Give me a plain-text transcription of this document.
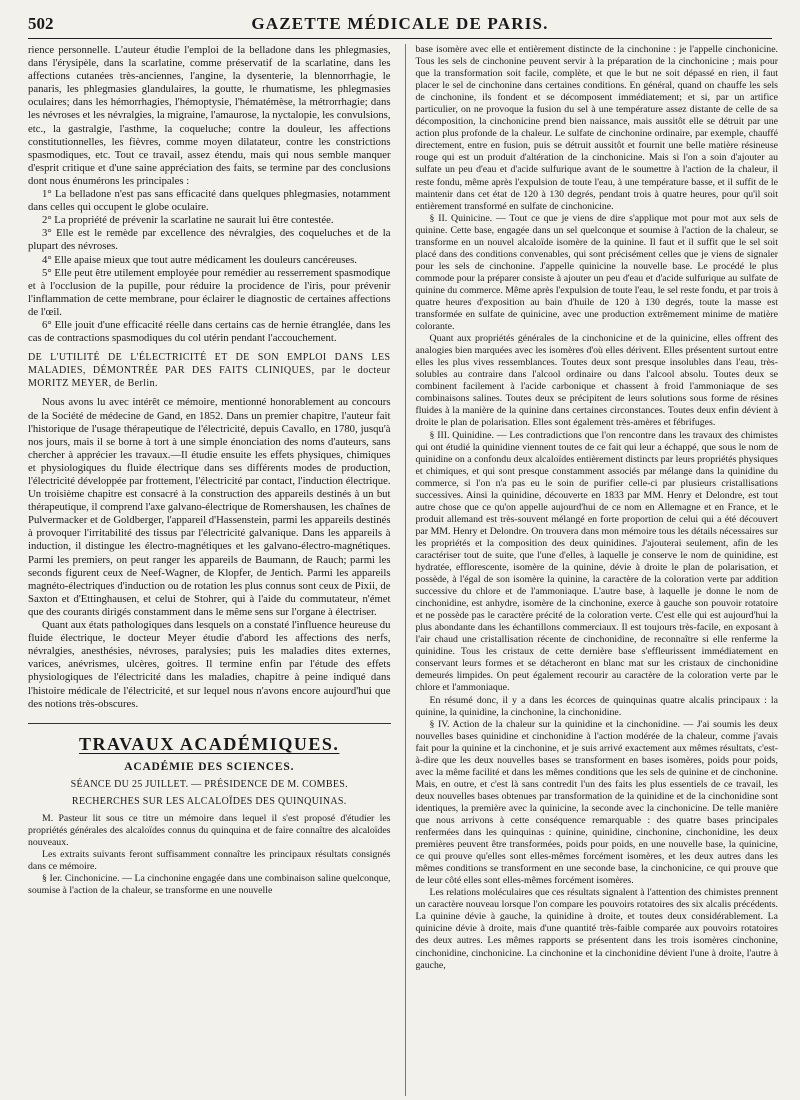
502	GAZETTE MÉDICALE DE PARIS.

rience personnelle. L'auteur étudie l'emploi de la belladone dans les phlegmasies, dans l'érysipèle, dans la scarlatine, comme préservatif de la scarlatine, dans les affections cutanées très-anciennes, l'angine, la dysenterie, la blennorrhagie, le panaris, les phlegmasies glandulaires, la goutte, le rhumatisme, les phlegmasies oculaires; dans les hémorrhagies, l'hémoptysie, l'hématémèse, la métrorrhagie; dans les névroses et les névralgies, la migraine, l'amaurose, la nyctalopie, les convulsions, etc., la gastralgie, l'asthme, la coqueluche; contre la douleur, les affections constitutionnelles, les fièvres, comme moyen dilatateur, contre les constrictions spasmodiques, etc. Tout ce travail, assez étendu, mais qui nous semble manquer d'esprit critique et d'une saine appréciation des faits, se termine par des conclusions dont nous énumérons les principales :

1° La belladone n'est pas sans efficacité dans quelques phlegmasies, notamment dans celles qui occupent le globe oculaire.

2° La propriété de prévenir la scarlatine ne saurait lui être contestée.

3° Elle est le remède par excellence des névralgies, des coqueluches et de la plupart des névroses.

4° Elle apaise mieux que tout autre médicament les douleurs cancéreuses.

5° Elle peut être utilement employée pour remédier au resserrement spasmodique et à l'occlusion de la pupille, pour réduire la procidence de l'iris, pour prévenir l'inflammation de cette membrane, pour éclairer le diagnostic de certaines affections de l'œil.

6° Elle jouit d'une efficacité réelle dans certains cas de hernie étranglée, dans les cas de contractions spasmodiques du col utérin pendant l'accouchement.

DE L'UTILITÉ DE L'ÉLECTRICITÉ ET DE SON EMPLOI DANS LES MALADIES, DÉMONTRÉE PAR DES FAITS CLINIQUES, par le docteur MORITZ MEYER, de Berlin.

Nous avons lu avec intérêt ce mémoire, mentionné honorablement au concours de la Société de médecine de Gand, en 1852. Dans un premier chapitre, l'auteur fait l'historique de l'usage thérapeutique de l'électricité, depuis Cavallo, en 1780, jusqu'à nos jours, mais il se borne à tort à une simple énonciation des noms d'auteurs, sans chercher à apprécier les travaux.—Il étudie ensuite les effets physiques, chimiques et physiologiques du fluide électrique dans ses différents modes de production, l'électricité développée par frottement, l'électricité par contact, l'induction électrique. Un troisième chapitre est consacré à la construction des appareils destinés à un but thérapeutique, il comprend l'axe galvano-électrique de Romershausen, les chaînes de Pulvermacker et de Goldberger, l'appareil d'Hassenstein, parmi les appareils destinés à provoquer l'irritabilité des tissus par l'électricité galvanique. Dans les appareils à induction, il distingue les électro-magnétiques et les galvano-électro-magnétiques. Parmi les premiers, on peut ranger les appareils de Baumann, de Rauch; parmi les seconds figurent ceux de Neef-Wagner, de Klopfer, de Jentich. Parmi les appareils magnéto-électriques d'induction ou de rotation les plus connus sont ceux de Pixii, de Saxton et d'Ettinghausen, et celui de Stohrer, qui à l'aide du commutateur, n'émet que des courants dirigés constamment dans le même sens sur l'organe à électriser.

Quant aux états pathologiques dans lesquels on a constaté l'influence heureuse du fluide électrique, le docteur Meyer étudie d'abord les affections des nerfs, névralgies, anesthésies, névroses, paralysies; puis les maladies dites externes, varices, anévrismes, ulcères, goitres. Il termine enfin par l'étude des effets physiologiques de l'électricité dans les maladies, chapitre à peine indiqué dans l'histoire médicale de l'électricité, et sur lequel nous n'avons encore aujourd'hui que des notions très-obscures.

TRAVAUX ACADÉMIQUES.
ACADÉMIE DES SCIENCES.
SÉANCE DU 25 JUILLET. — PRÉSIDENCE DE M. COMBES.
RECHERCHES SUR LES ALCALOÏDES DES QUINQUINAS.

M. Pasteur lit sous ce titre un mémoire dans lequel il s'est proposé d'étudier les propriétés générales des alcaloïdes connus du quinquina et de faire connaître des alcaloïdes nouveaux.

Les extraits suivants feront suffisamment connaître les principaux résultats consignés dans ce mémoire.

§ Ier. Cinchonicine. — La cinchonine engagée dans une combinaison saline quelconque, soumise à l'action de la chaleur, se transforme en une nouvelle

base isomère avec elle et entièrement distincte de la cinchonine : je l'appelle cinchonicine. Tous les sels de cinchonine peuvent servir à la préparation de la cinchonicine ; mais pour que la transformation soit facile, complète, et que le but ne soit dépassé en rien, il faut placer le sel de cinchonine dans certaines conditions. En général, quand on chauffe les sels de cinchonine, ils fondent et se décomposent immédiatement; et si, par un artifice particulier, on ne provoque la fusion du sel à une température assez distante de celle de sa décomposition, la cinchonicine prend bien naissance, mais aussitôt elle se détruit par une action plus profonde de la chaleur. Le sulfate de cinchonine ordinaire, par exemple, chauffé directement, entre en fusion, puis se détruit aussitôt et fournit une belle matière résineuse rouge qui est un produit d'altération de la cinchonicine. Mais si l'on a soin d'ajouter au sulfate un peu d'eau et d'acide sulfurique avant de le soumettre à l'action de la chaleur, il reste fondu, même après l'expulsion de toute l'eau, à une température basse, et il suffit de le maintenir dans cet état de 120 à 130 degrés, pendant trois à quatre heures, pour qu'il soit entièrement transformé en sulfate de cinchonicine.

§ II. Quinicine. — Tout ce que je viens de dire s'applique mot pour mot aux sels de quinine. Cette base, engagée dans un sel quelconque et soumise à l'action de la chaleur, se transforme en un nouvel alcaloïde isomère de la quinine. Il faut et il suffit que le sel soit placé dans des conditions convenables, qui sont précisément celles que je viens de signaler pour les sels de cinchonine. J'appelle quinicine la nouvelle base. Le procédé le plus commode pour la préparer consiste à ajouter un peu d'eau et d'acide sulfurique au sulfate de quinine du commerce. Même après l'expulsion de toute l'eau, le sel reste fondu, et par trois à quatre heures d'exposition au bain d'huile de 120 à 130 degrés, toute la masse est transformée en sulfate de quinicine, avec une production extrêmement minime de matière colorante.

Quant aux propriétés générales de la cinchonicine et de la quinicine, elles offrent des analogies bien marquées avec les isomères d'où elles dérivent. Elles présentent surtout entre elles les plus vives ressemblances. Toutes deux sont presque insolubles dans l'eau, très-solubles au contraire dans l'alcool ordinaire ou dans l'alcool absolu. Toutes deux se combinent facilement à l'acide carbonique et chassent à froid l'ammoniaque de ses combinaisons salines. Toutes deux se précipitent de leurs solutions sous forme de résines fluides à la manière de la quinine dans certaines circonstances. Toutes deux enfin dévient à droite le plan de polarisation. Elles sont également très-amères et fébrifuges.

§ III. Quinidine. — Les contradictions que l'on rencontre dans les travaux des chimistes qui ont étudié la quinidine viennent toutes de ce fait qui leur a échappé, que sous le nom de quinidine on a confondu deux alcaloïdes entièrement distincts par leurs propriétés physiques et chimiques, et qui sont presque constamment associés par mélange dans la quinidine du commerce, si l'on n'a pas eu le soin de purifier celle-ci par plusieurs cristallisations successives. Ainsi la quinidine, découverte en 1833 par MM. Henry et Delondre, est tout autre chose que ce qu'on appelle aujourd'hui de ce nom en Allemagne et en France, et le produit allemand est très-souvent mélangé en forte proportion de celui qui a été découvert par MM. Henry et Delondre. On trouvera dans mon mémoire tous les détails nécessaires sur les propriétés et la composition des deux quinidines. J'ajouterai seulement, afin de les caractériser tout de suite, que l'une d'elles, à laquelle je conserve le nom de quinidine, est hydratée, efflorescente, isomère de la quinine, dévie à droite le plan de polarisation, et possède, à l'égal de son isomère la quinine, la caractère de la coloration verte par addition successive du chlore et de l'ammoniaque. L'autre base, à laquelle je donne le nom de cinchonidine, est anhydre, isomère de la cinchonine, exerce à gauche son pouvoir rotatoire et ne possède pas le caractère précité de la coloration verte. C'est elle qui est aujourd'hui la plus abondante dans les échantillons commerciaux. Il est toujours très-facile, en exposant à l'air chaud une cristallisation récente de cinchonidine, de reconnaître si elle renferme la quinidine. Tous les cristaux de cette dernière base s'effleurissent immédiatement en conservant leurs formes et se détacheront en blanc mat sur les cristaux de cinchonidine demeurés limpides. On peut également recourir au caractère de la coloration verte par le chlore et l'ammoniaque.

En résumé donc, il y a dans les écorces de quinquinas quatre alcalis principaux : la quinine, la quinidine, la cinchonine, la cinchonidine.

§ IV. Action de la chaleur sur la quinidine et la cinchonidine. — J'ai soumis les deux nouvelles bases quinidine et cinchonidine à l'action modérée de la chaleur, comme j'avais fait pour la quinine et la cinchonine, et je suis arrivé exactement aux mêmes résultats, c'est-à-dire que les deux nouvelles bases se transforment en bases isomères, poids pour poids, avec la même facilité et dans les mêmes conditions que les sels de quinine et de cinchonine. Mais, en outre, et c'est là sans contredit l'un des faits les plus essentiels de ce travail, les deux nouvelles bases obtenues par transformation de la quinidine et de la cinchonidine sont identiques, la première avec la quinicine, la seconde avec la cinchonicine. De telle manière que nous arrivons à cette conséquence remarquable : des quatre bases principales renfermées dans les quinquinas : quinine, quinidine, cinchonine, cinchonidine, les deux premières peuvent être transformées, poids pour poids, en une nouvelle base, la quinicine, ce qui prouve qu'elles sont elles-mêmes forcément isomères, et les deux autres dans les mêmes conditions se transforment en une seconde base, la cinchonicine, ce qui prouve que de leur côté elles sont elles-mêmes forcément isomères.

Les relations moléculaires que ces résultats signalent à l'attention des chimistes prennent un caractère nouveau lorsque l'on compare les pouvoirs rotatoires des six alcalis précédents. La quinine dévie à gauche, la quinidine à droite, et toutes deux considérablement. La quinicine dévie à droite, mais d'une quantité très-faible comparée aux pouvoirs rotatoires des deux autres. Les mêmes rapports se présentent dans les trois isomères cinchonine, cinchonidine, cinchonicine. La cinchonine et la cinchonidine dévient l'une à droite, l'autre à gauche,
